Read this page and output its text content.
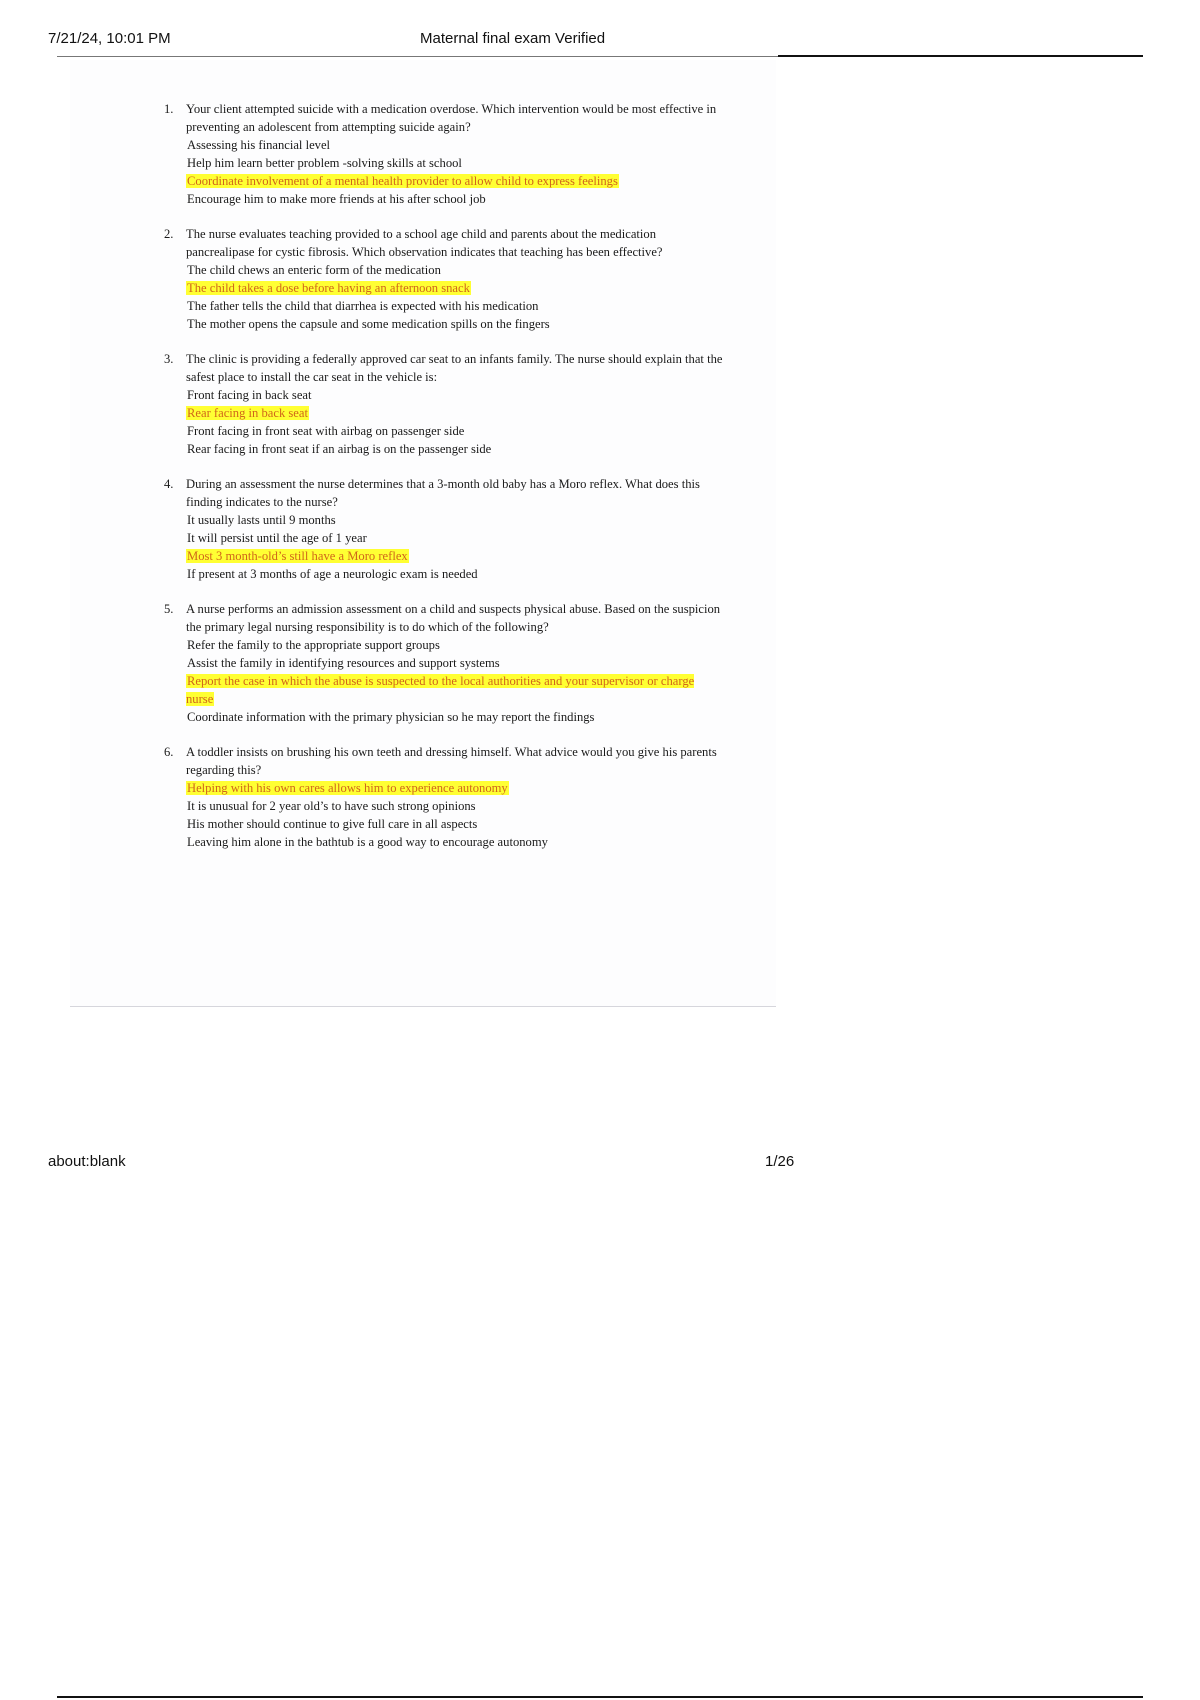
7/21/24, 10:01 PM	Maternal final exam Verified
1. Your client attempted suicide with a medication overdose. Which intervention would be most effective in preventing an adolescent from attempting suicide again?
Assessing his financial level
Help him learn better problem -solving skills at school
Coordinate involvement of a mental health provider to allow child to express feelings
Encourage him to make more friends at his after school job
2. The nurse evaluates teaching provided to a school age child and parents about the medication pancrealipase for cystic fibrosis. Which observation indicates that teaching has been effective?
The child chews an enteric form of the medication
The child takes a dose before having an afternoon snack
The father tells the child that diarrhea is expected with his medication
The mother opens the capsule and some medication spills on the fingers
3. The clinic is providing a federally approved car seat to an infants family. The nurse should explain that the safest place to install the car seat in the vehicle is:
Front facing in back seat
Rear facing in back seat
Front facing in front seat with airbag on passenger side
Rear facing in front seat if an airbag is on the passenger side
4. During an assessment the nurse determines that a 3-month old baby has a Moro reflex. What does this finding indicates to the nurse?
It usually lasts until 9 months
It will persist until the age of 1 year
Most 3 month-old’s still have a Moro reflex
If present at 3 months of age a neurologic exam is needed
5. A nurse performs an admission assessment on a child and suspects physical abuse. Based on the suspicion the primary legal nursing responsibility is to do which of the following?
Refer the family to the appropriate support groups
Assist the family in identifying resources and support systems
Report the case in which the abuse is suspected to the local authorities and your supervisor or charge nurse
Coordinate information with the primary physician so he may report the findings
6. A toddler insists on brushing his own teeth and dressing himself. What advice would you give his parents regarding this?
Helping with his own cares allows him to experience autonomy
It is unusual for 2 year old’s to have such strong opinions
His mother should continue to give full care in all aspects
Leaving him alone in the bathtub is a good way to encourage autonomy
about:blank	1/26
